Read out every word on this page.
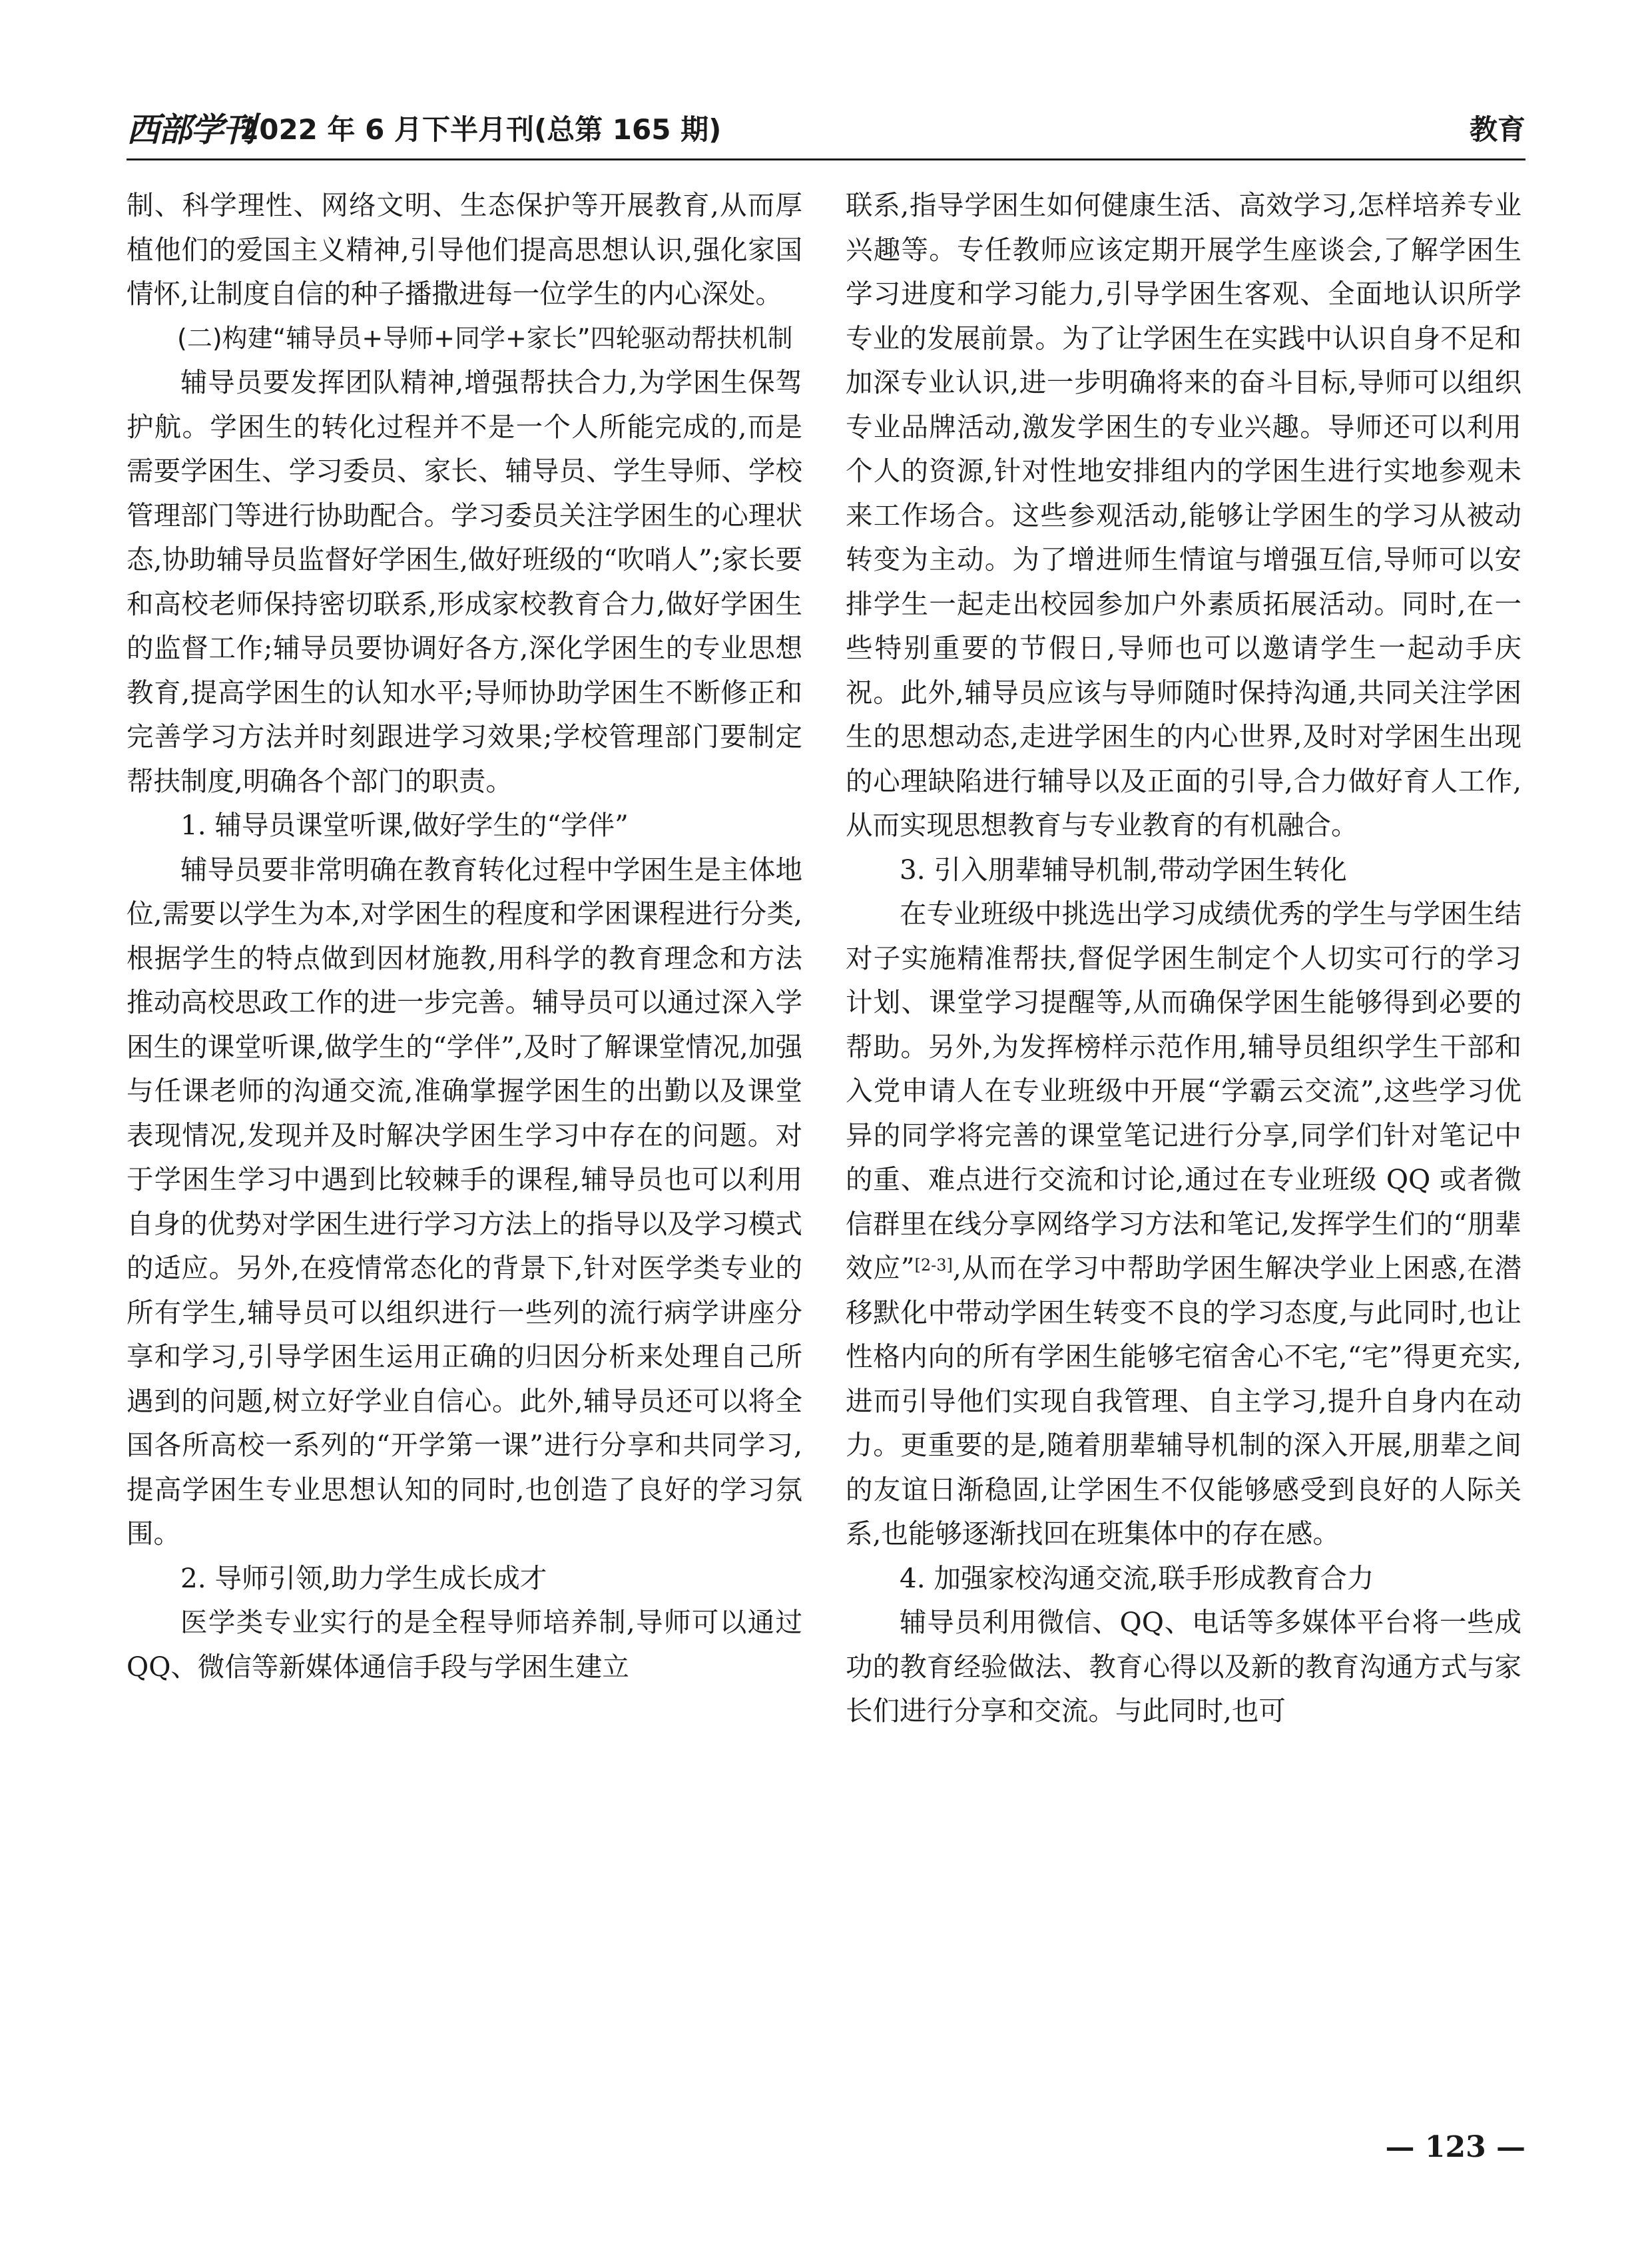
西部学刊
2022 年 6 月下半月刊(总第 165 期)	教育

制、科学理性、网络文明、生态保护等开展教育,从而厚植他们的爱国主义精神,引导他们提高思想认识,强化家国情怀,让制度自信的种子播撒进每一位学生的内心深处。

(二)构建“辅导员+导师+同学+家长”四轮驱动帮扶机制

辅导员要发挥团队精神,增强帮扶合力,为学困生保驾护航。学困生的转化过程并不是一个人所能完成的,而是需要学困生、学习委员、家长、辅导员、学生导师、学校管理部门等进行协助配合。学习委员关注学困生的心理状态,协助辅导员监督好学困生,做好班级的“吹哨人”;家长要和高校老师保持密切联系,形成家校教育合力,做好学困生的监督工作;辅导员要协调好各方,深化学困生的专业思想教育,提高学困生的认知水平;导师协助学困生不断修正和完善学习方法并时刻跟进学习效果;学校管理部门要制定帮扶制度,明确各个部门的职责。

1. 辅导员课堂听课,做好学生的“学伴”

辅导员要非常明确在教育转化过程中学困生是主体地位,需要以学生为本,对学困生的程度和学困课程进行分类,根据学生的特点做到因材施教,用科学的教育理念和方法推动高校思政工作的进一步完善。辅导员可以通过深入学困生的课堂听课,做学生的“学伴”,及时了解课堂情况,加强与任课老师的沟通交流,准确掌握学困生的出勤以及课堂表现情况,发现并及时解决学困生学习中存在的问题。对于学困生学习中遇到比较棘手的课程,辅导员也可以利用自身的优势对学困生进行学习方法上的指导以及学习模式的适应。另外,在疫情常态化的背景下,针对医学类专业的所有学生,辅导员可以组织进行一些列的流行病学讲座分享和学习,引导学困生运用正确的归因分析来处理自己所遇到的问题,树立好学业自信心。此外,辅导员还可以将全国各所高校一系列的“开学第一课”进行分享和共同学习,提高学困生专业思想认知的同时,也创造了良好的学习氛围。

2. 导师引领,助力学生成长成才

医学类专业实行的是全程导师培养制,导师可以通过 QQ、微信等新媒体通信手段与学困生建立

联系,指导学困生如何健康生活、高效学习,怎样培养专业兴趣等。专任教师应该定期开展学生座谈会,了解学困生学习进度和学习能力,引导学困生客观、全面地认识所学专业的发展前景。为了让学困生在实践中认识自身不足和加深专业认识,进一步明确将来的奋斗目标,导师可以组织专业品牌活动,激发学困生的专业兴趣。导师还可以利用个人的资源,针对性地安排组内的学困生进行实地参观未来工作场合。这些参观活动,能够让学困生的学习从被动转变为主动。为了增进师生情谊与增强互信,导师可以安排学生一起走出校园参加户外素质拓展活动。同时,在一些特别重要的节假日,导师也可以邀请学生一起动手庆祝。此外,辅导员应该与导师随时保持沟通,共同关注学困生的思想动态,走进学困生的内心世界,及时对学困生出现的心理缺陷进行辅导以及正面的引导,合力做好育人工作,从而实现思想教育与专业教育的有机融合。

3. 引入朋辈辅导机制,带动学困生转化

在专业班级中挑选出学习成绩优秀的学生与学困生结对子实施精准帮扶,督促学困生制定个人切实可行的学习计划、课堂学习提醒等,从而确保学困生能够得到必要的帮助。另外,为发挥榜样示范作用,辅导员组织学生干部和入党申请人在专业班级中开展“学霸云交流”,这些学习优异的同学将完善的课堂笔记进行分享,同学们针对笔记中的重、难点进行交流和讨论,通过在专业班级 QQ 或者微信群里在线分享网络学习方法和笔记,发挥学生们的“朋辈效应”[2-3],从而在学习中帮助学困生解决学业上困惑,在潜移默化中带动学困生转变不良的学习态度,与此同时,也让性格内向的所有学困生能够宅宿舍心不宅,“宅”得更充实,进而引导他们实现自我管理、自主学习,提升自身内在动力。更重要的是,随着朋辈辅导机制的深入开展,朋辈之间的友谊日渐稳固,让学困生不仅能够感受到良好的人际关系,也能够逐渐找回在班集体中的存在感。

4. 加强家校沟通交流,联手形成教育合力

辅导员利用微信、QQ、电话等多媒体平台将一些成功的教育经验做法、教育心得以及新的教育沟通方式与家长们进行分享和交流。与此同时,也可

— 123 —
